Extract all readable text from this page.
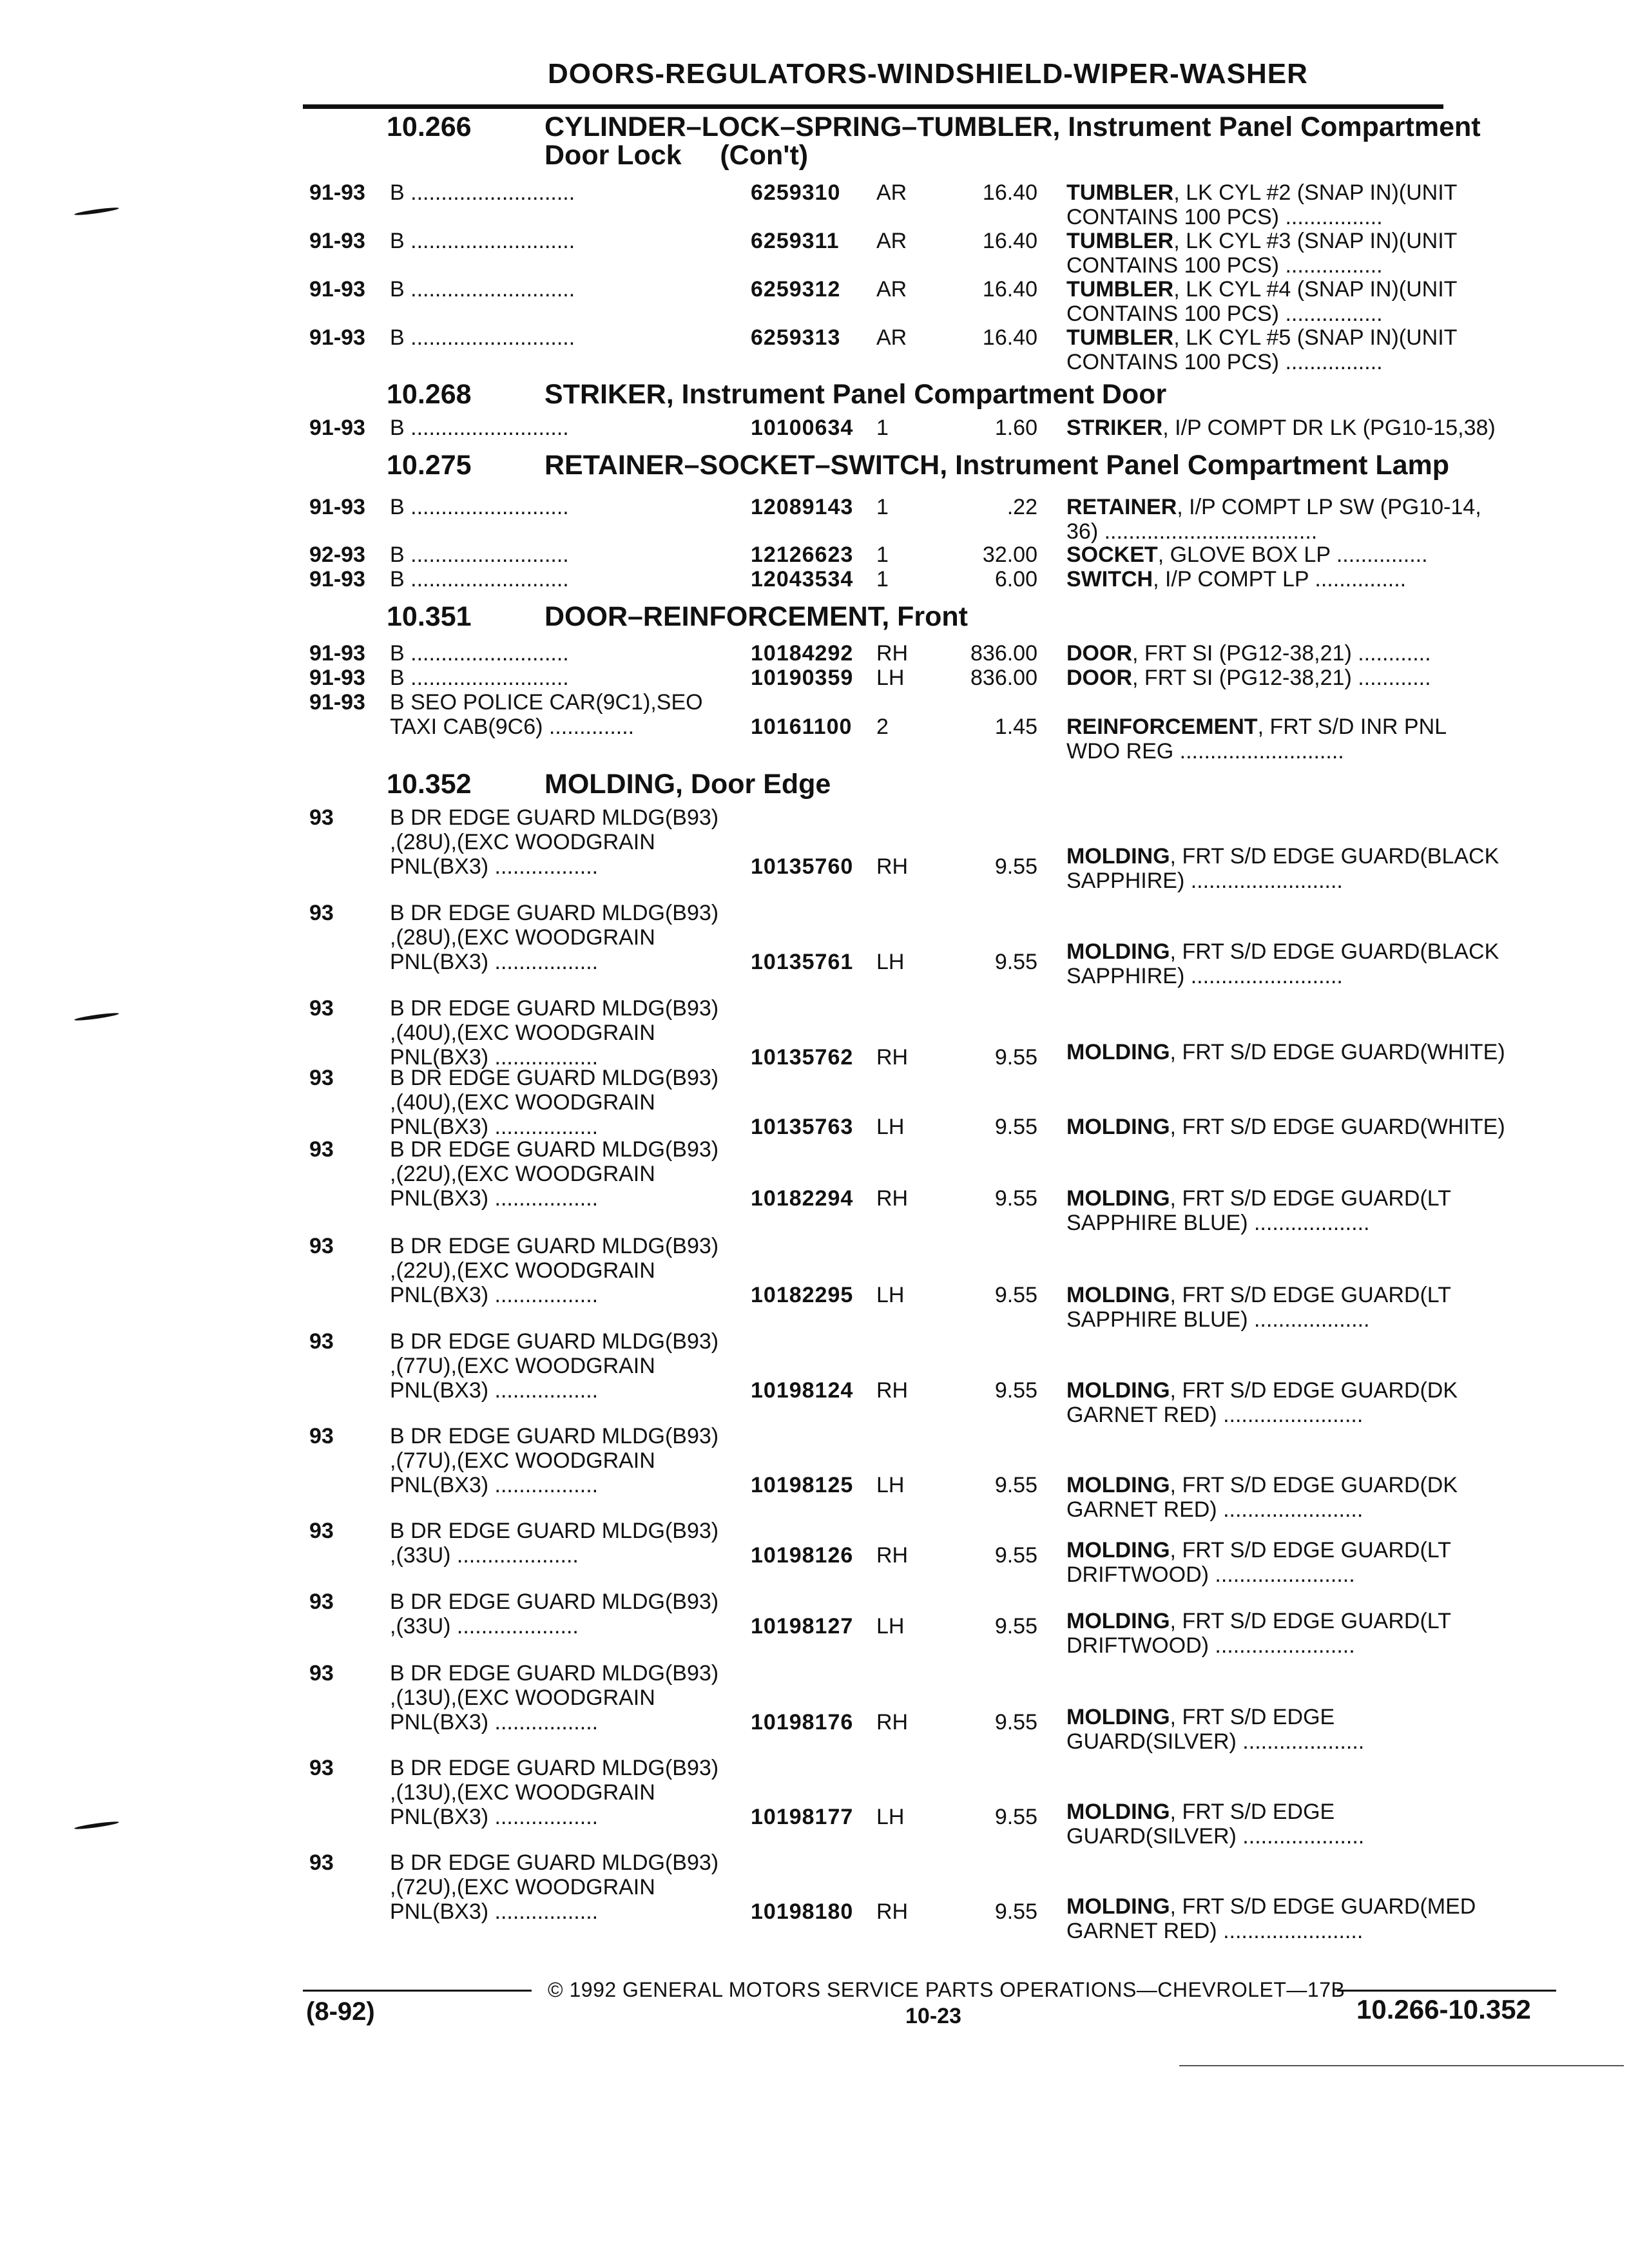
DOORS-REGULATORS-WINDSHIELD-WIPER-WASHER
10.266	CYLINDER–LOCK–SPRING–TUMBLER, Instrument Panel Compartment
Door Lock     (Con't)
10.268	STRIKER, Instrument Panel Compartment Door
10.275	RETAINER–SOCKET–SWITCH, Instrument Panel Compartment Lamp
10.351	DOOR–REINFORCEMENT, Front
10.352	MOLDING, Door Edge
91-93 B ...........................	6259310 AR	16.40 TUMBLER, LK CYL #2 (SNAP IN)(UNIT
CONTAINS 100 PCS) ................
91-93 B ...........................	6259311 AR	16.40 TUMBLER, LK CYL #3 (SNAP IN)(UNIT
CONTAINS 100 PCS) ................
91-93 B ...........................	6259312 AR	16.40 TUMBLER, LK CYL #4 (SNAP IN)(UNIT
CONTAINS 100 PCS) ................
91-93 B ...........................	6259313 AR	16.40 TUMBLER, LK CYL #5 (SNAP IN)(UNIT
CONTAINS 100 PCS) ................
91-93 B ..........................	10100634 1	1.60 STRIKER, I/P COMPT DR LK (PG10-15,38)
91-93 B ..........................	12089143 1	.22 RETAINER, I/P COMPT LP SW (PG10-14,
36) ...................................
92-93 B ..........................	12126623 1	32.00 SOCKET, GLOVE BOX LP ...............
91-93 B ..........................	12043534 1	6.00 SWITCH, I/P COMPT LP ...............
91-93 B ..........................	10184292 RH	836.00 DOOR, FRT SI (PG12-38,21) ............
91-93 B ..........................	10190359 LH	836.00 DOOR, FRT SI (PG12-38,21) ............
91-93 B SEO POLICE CAR(9C1),SEO
TAXI CAB(9C6) ..............	10161100 2	1.45 REINFORCEMENT, FRT S/D INR PNL
WDO REG ...........................
93	B DR EDGE GUARD MLDG(B93)
,(28U),(EXC WOODGRAIN
PNL(BX3) .................	10135760 RH	9.55 MOLDING, FRT S/D EDGE GUARD(BLACK
SAPPHIRE) .........................
93	B DR EDGE GUARD MLDG(B93)
,(28U),(EXC WOODGRAIN
PNL(BX3) .................	10135761 LH	9.55 MOLDING, FRT S/D EDGE GUARD(BLACK
SAPPHIRE) .........................
93	B DR EDGE GUARD MLDG(B93)
,(40U),(EXC WOODGRAIN
PNL(BX3) .................	10135762 RH	9.55 MOLDING, FRT S/D EDGE GUARD(WHITE)
93	B DR EDGE GUARD MLDG(B93)
,(40U),(EXC WOODGRAIN
PNL(BX3) .................	10135763 LH	9.55 MOLDING, FRT S/D EDGE GUARD(WHITE)
93	B DR EDGE GUARD MLDG(B93)
,(22U),(EXC WOODGRAIN
PNL(BX3) .................	10182294 RH	9.55 MOLDING, FRT S/D EDGE GUARD(LT
SAPPHIRE BLUE) ...................
93	B DR EDGE GUARD MLDG(B93)
,(22U),(EXC WOODGRAIN
PNL(BX3) .................	10182295 LH	9.55 MOLDING, FRT S/D EDGE GUARD(LT
SAPPHIRE BLUE) ...................
93	B DR EDGE GUARD MLDG(B93)
,(77U),(EXC WOODGRAIN
PNL(BX3) .................	10198124 RH	9.55 MOLDING, FRT S/D EDGE GUARD(DK
GARNET RED) .......................
93	B DR EDGE GUARD MLDG(B93)
,(77U),(EXC WOODGRAIN
PNL(BX3) .................	10198125 LH	9.55 MOLDING, FRT S/D EDGE GUARD(DK
GARNET RED) .......................
93	B DR EDGE GUARD MLDG(B93)
,(33U) ....................	10198126 RH	9.55 MOLDING, FRT S/D EDGE GUARD(LT
DRIFTWOOD) .......................
93	B DR EDGE GUARD MLDG(B93)
,(33U) ....................	10198127 LH	9.55 MOLDING, FRT S/D EDGE GUARD(LT
DRIFTWOOD) .......................
93	B DR EDGE GUARD MLDG(B93)
,(13U),(EXC WOODGRAIN
PNL(BX3) .................	10198176 RH	9.55 MOLDING, FRT S/D EDGE
GUARD(SILVER) ....................
93	B DR EDGE GUARD MLDG(B93)
,(13U),(EXC WOODGRAIN
PNL(BX3) .................	10198177 LH	9.55 MOLDING, FRT S/D EDGE
GUARD(SILVER) ....................
93	B DR EDGE GUARD MLDG(B93)
,(72U),(EXC WOODGRAIN
PNL(BX3) .................	10198180 RH	9.55 MOLDING, FRT S/D EDGE GUARD(MED
GARNET RED) .......................
© 1992 GENERAL MOTORS SERVICE PARTS OPERATIONS—CHEVROLET—17B
(8-92)	10-23	10.266-10.352
